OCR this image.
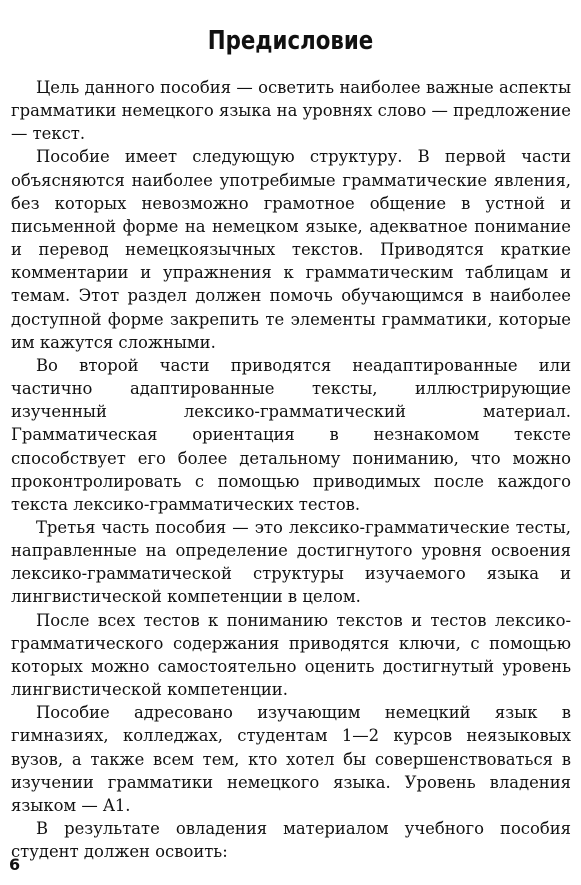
Предисловие

Цель данного пособия — осветить наиболее важные аспекты грамматики немецкого языка на уровнях слово — предложение — текст.

Пособие имеет следующую структуру. В первой части объясняются наиболее употребимые грамматические явления, без которых невозможно грамотное общение в устной и письменной форме на немецком языке, адекватное понимание и перевод немецкоязычных текстов. Приводятся краткие комментарии и упражнения к грамматическим таблицам и темам. Этот раздел должен помочь обучающимся в наиболее доступной форме закрепить те элементы грамматики, которые им кажутся сложными.

Во второй части приводятся неадаптированные или частично адаптированные тексты, иллюстрирующие изученный лексико-грамматический материал. Грамматическая ориентация в незнакомом тексте способствует его более детальному пониманию, что можно проконтролировать с помощью приводимых после каждого текста лексико-грамматических тестов.

Третья часть пособия — это лексико-грамматические тесты, направленные на определение достигнутого уровня освоения лексико-грамматической структуры изучаемого языка и лингвистической компетенции в целом.

После всех тестов к пониманию текстов и тестов лексико-грамматического содержания приводятся ключи, с помощью которых можно самостоятельно оценить достигнутый уровень лингвистической компетенции.

Пособие адресовано изучающим немецкий язык в гимназиях, колледжах, студентам 1—2 курсов неязыковых вузов, а также всем тем, кто хотел бы совершенствоваться в изучении грамматики немецкого языка. Уровень владения языком — A1.

В результате овладения материалом учебного пособия студент должен освоить:

6
